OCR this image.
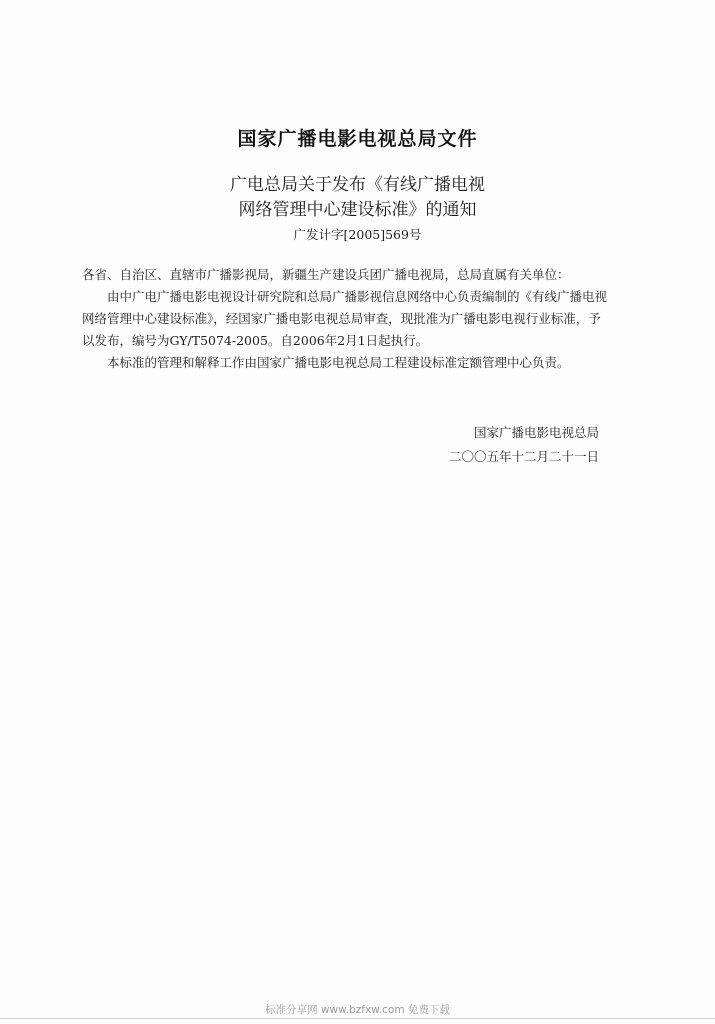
国家广播电影电视总局文件
广电总局关于发布《有线广播电视
网络管理中心建设标准》的通知
广发计字[2005]569号

各省、自治区、直辖市广播影视局，新疆生产建设兵团广播电视局，总局直属有关单位：

由中广电广播电影电视设计研究院和总局广播影视信息网络中心负责编制的《有线广播电视网络管理中心建设标准》，经国家广播电影电视总局审查，现批准为广播电影电视行业标准，予以发布，编号为GY/T5074-2005。自2006年2月1日起执行。

本标准的管理和解释工作由国家广播电影电视总局工程建设标准定额管理中心负责。

国家广播电影电视总局
二〇〇五年十二月二十一日
标准分享网 www.bzfxw.com 免费下载
